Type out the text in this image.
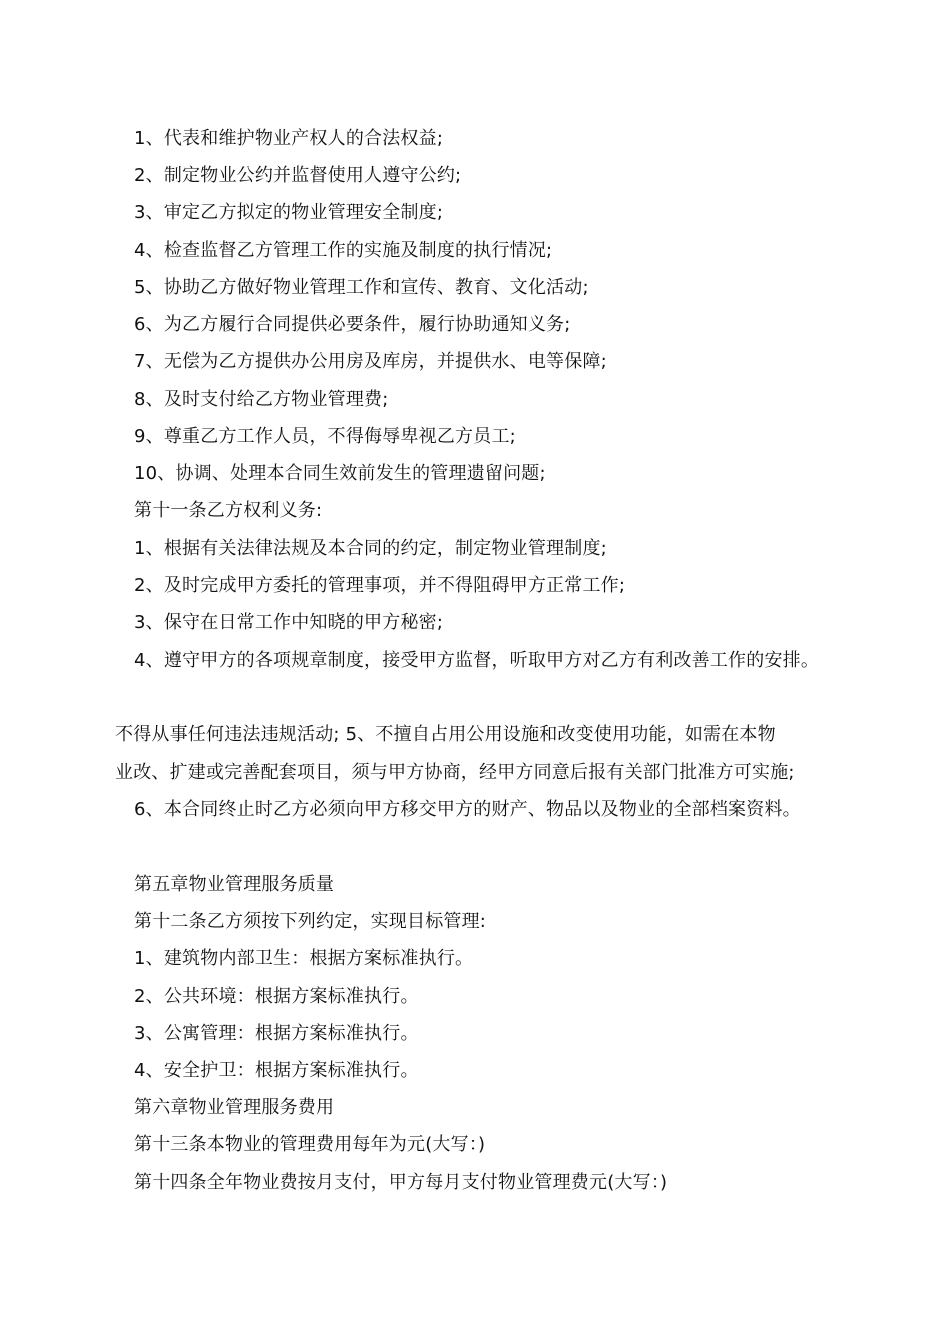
1、代表和维护物业产权人的合法权益;
2、制定物业公约并监督使用人遵守公约;
3、审定乙方拟定的物业管理安全制度;
4、检查监督乙方管理工作的实施及制度的执行情况;
5、协助乙方做好物业管理工作和宣传、教育、文化活动;
6、为乙方履行合同提供必要条件，履行协助通知义务;
7、无偿为乙方提供办公用房及库房，并提供水、电等保障;
8、及时支付给乙方物业管理费;
9、尊重乙方工作人员，不得侮辱卑视乙方员工;
10、协调、处理本合同生效前发生的管理遗留问题;
第十一条乙方权利义务:
1、根据有关法律法规及本合同的约定，制定物业管理制度;
2、及时完成甲方委托的管理事项，并不得阻碍甲方正常工作;
3、保守在日常工作中知晓的甲方秘密;
4、遵守甲方的各项规章制度，接受甲方监督，听取甲方对乙方有利改善工作的安排。
不得从事任何违法违规活动; 5、不擅自占用公用设施和改变使用功能，如需在本物
业改、扩建或完善配套项目，须与甲方协商，经甲方同意后报有关部门批准方可实施;
6、本合同终止时乙方必须向甲方移交甲方的财产、物品以及物业的全部档案资料。
第五章物业管理服务质量
第十二条乙方须按下列约定，实现目标管理:
1、建筑物内部卫生：根据方案标准执行。
2、公共环境：根据方案标准执行。
3、公寓管理：根据方案标准执行。
4、安全护卫：根据方案标准执行。
第六章物业管理服务费用
第十三条本物业的管理费用每年为元(大写：)
第十四条全年物业费按月支付，甲方每月支付物业管理费元(大写：)
